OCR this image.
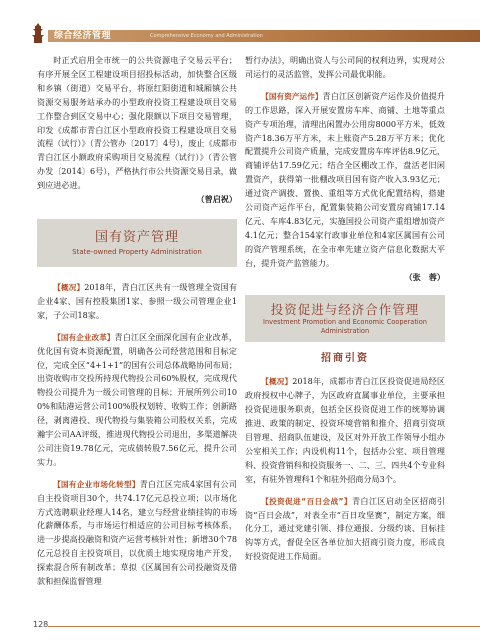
综合经济管理	Comprehensive Economy and Administration

时正式启用全市统一的公共资源电子交易云平台；有序开展全区工程建设项目招投标活动，加快整合区级和乡镇（街道）交易平台，将原红阳街道和城厢镇公共资源交易服务站承办的小型政府投资工程建设项目交易工作整合到区交易中心；强化限额以下项目交易管理，印发《成都市青白江区小型政府投资工程建设项目交易流程（试行）》（青公管办〔2017〕4号），废止《成都市青白江区小额政府采购项目交易流程（试行）》（青公管办发〔2014〕6号），严格执行市公共资源交易目录，做到应进必进。

（曾启祝）

国有资产管理
State-owned Property Administration

【概况】2018年，青白江区共有一级管理全资国有企业4家、国有控股集团1家、参照一级公司管理企业1家，子公司18家。

【国有企业改革】青白江区全面深化国有企业改革，优化国有资本资源配置，明确各公司经营范围和目标定位，完成全区“4+1+1”的国有公司总体战略协同布局；出资收购市交投所持现代物投公司60%股权，完成现代物投公司提升为一级公司管理的目标；开展所列公司100%和陆港运营公司100%股权划转、收购工作；创新路径，剥离港投、现代物投与集装箱公司股权关系，完成瀚宇公司AA评级，推进现代物投公司退出，多渠道解决公司注资19.78亿元，完成债转股7.56亿元，提升公司实力。

【国有企业市场化转型】青白江区完成4家国有公司自主投资项目30个，共74.17亿元总投立项；以市场化方式选聘职业经理人14名，建立与经营业绩挂钩的市场化薪酬体系，与市场运行相适应的公司目标考核体系，进一步提高投融资和资产运营考核针对性；新增30个78亿元总投自主投资项目，以优质土地实现房地产开发，探索混合所有制改革；草拟《区属国有公司投融资及借款和担保监督管理

暂行办法》，明确出资人与公司间的权利边界，实现对公司运行的灵活监管，发挥公司最优职能。

【国有资产运作】青白江区创新资产运作及价值提升的工作思路，深入开展安置房车库、商铺、土地等重点资产专项治理，清理出闲置办公用房8000平方米，低效资产18.36万平方米，未上账资产5.28万平方米；优化配置提升公司资产质量，完成安置房车库评估8.9亿元，商铺评估17.59亿元；结合全区棚改工作，盘活老旧闲置资产，获得第一批棚改项目国有资产收入3.93亿元；通过资产调拨、置换、重组等方式优化配置结构，搭建公司资产运作平台，配置集装箱公司安置房商铺17.14亿元、车库4.83亿元，实施国投公司资产重组增加资产4.1亿元；整合154家行政事业单位和4家区属国有公司的资产管理系统，在全市率先建立资产信息化数据大平台，提升资产监管能力。

（张　蓉）

投资促进与经济合作管理
Investment Promotion and Economic Cooperation Administration
招商引资

【概况】2018年，成都市青白江区投资促进局经区政府授权中心牌子，为区政府直属事业单位，主要承担投资促进服务职责，包括全区投资促进工作的统筹协调推进、政策的制定、投资环境营销和推介、招商引资项目管理、招商队伍建设，及区对外开放工作领导小组办公室相关工作；内设机构11个，包括办公室、项目管理科、投资营销科和投资服务一、二、三、四共4个专业科室，有驻外管理科1个和驻外招商分局3个。

【投资促进“百日会战”】青白江区启动全区招商引资“百日会战”，对表全市“百日攻坚赛”，制定方案，细化分工，通过党建引领、排位通报、分级约谈、目标挂钩等方式，督促全区各单位加大招商引资力度，形成良好投资促进工作局面。

128
